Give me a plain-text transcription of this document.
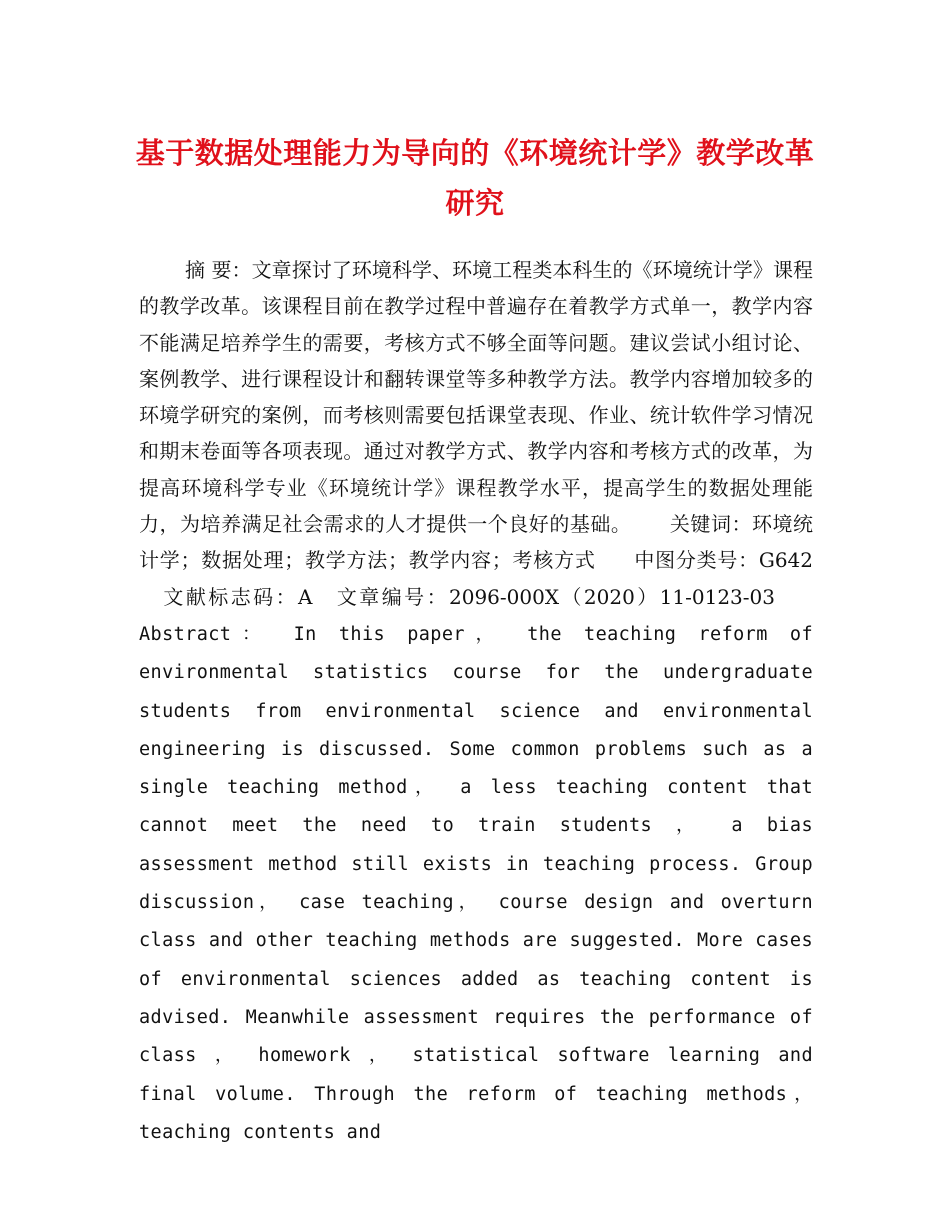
基于数据处理能力为导向的《环境统计学》教学改革研究

摘 要：文章探讨了环境科学、环境工程类本科生的《环境统计学》课程的教学改革。该课程目前在教学过程中普遍存在着教学方式单一，教学内容不能满足培养学生的需要，考核方式不够全面等问题。建议尝试小组讨论、案例教学、进行课程设计和翻转课堂等多种教学方法。教学内容增加较多的环境学研究的案例，而考核则需要包括课堂表现、作业、统计软件学习情况和期末卷面等各项表现。通过对教学方式、教学内容和考核方式的改革，为提高环境科学专业《环境统计学》课程教学水平，提高学生的数据处理能力，为培养满足社会需求的人才提供一个良好的基础。 关键词：环境统计学；数据处理；教学方法；教学内容；考核方式 中图分类号：G642文献标志码：A 文章编号：2096-000X（2020）11-0123-03Abstract： In this paper， the teaching reform of environmental statistics course for the undergraduate students from environmental science and environmental engineering is discussed. Some common problems such as a single teaching method， a less teaching content that cannot meet the need to train students ， a bias assessment method still exists in teaching process. Group discussion， case teaching， course design and overturn class and other teaching methods are suggested. More cases of environmental sciences added as teaching content is advised. Meanwhile assessment requires the performance of class ， homework ， statistical software learning and final volume. Through the reform of teaching methods， teaching contents and
